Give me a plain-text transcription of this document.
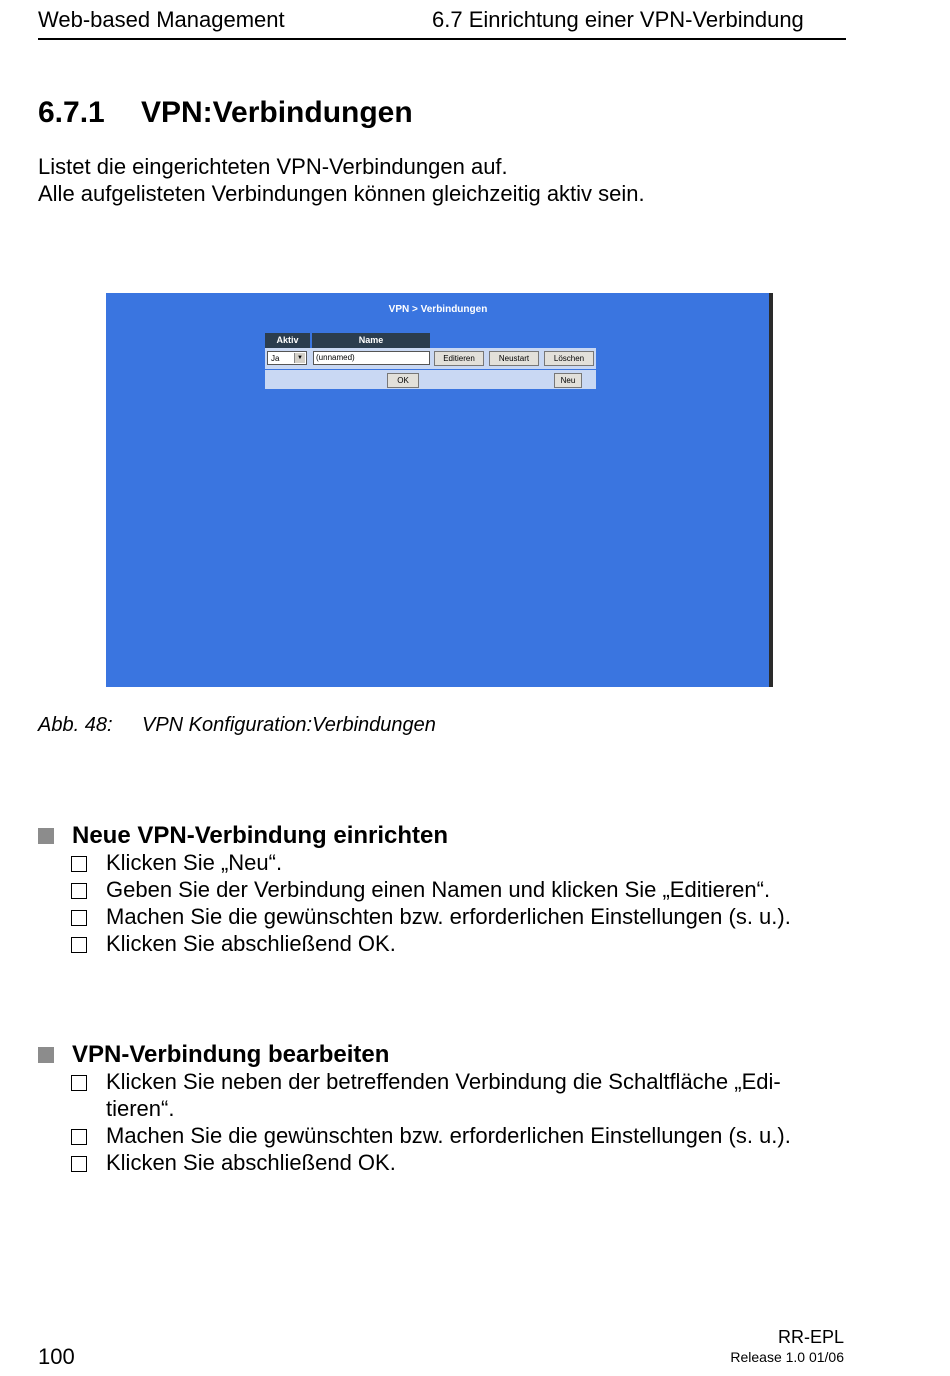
Web-based Management	6.7 Einrichtung einer VPN-Verbindung
6.7.1 VPN:Verbindungen
Listet die eingerichteten VPN-Verbindungen auf.
Alle aufgelisteten Verbindungen können gleichzeitig aktiv sein.
VPN > Verbindungen
Aktiv	Name
Ja	▼	(unnamed)	Editieren	Neustart	Löschen
OK	Neu
Abb. 48: VPN Konfiguration:Verbindungen
Neue VPN-Verbindung einrichten
Klicken Sie „Neu“.
Geben Sie der Verbindung einen Namen und klicken Sie „Editieren“.
Machen Sie die gewünschten bzw. erforderlichen Einstellungen (s. u.).
Klicken Sie abschließend OK.
VPN-Verbindung bearbeiten
Klicken Sie neben der betreffenden Verbindung die Schaltfläche „Edi-
tieren“.
Machen Sie die gewünschten bzw. erforderlichen Einstellungen (s. u.).
Klicken Sie abschließend OK.
100
RR-EPL
Release 1.0 01/06
